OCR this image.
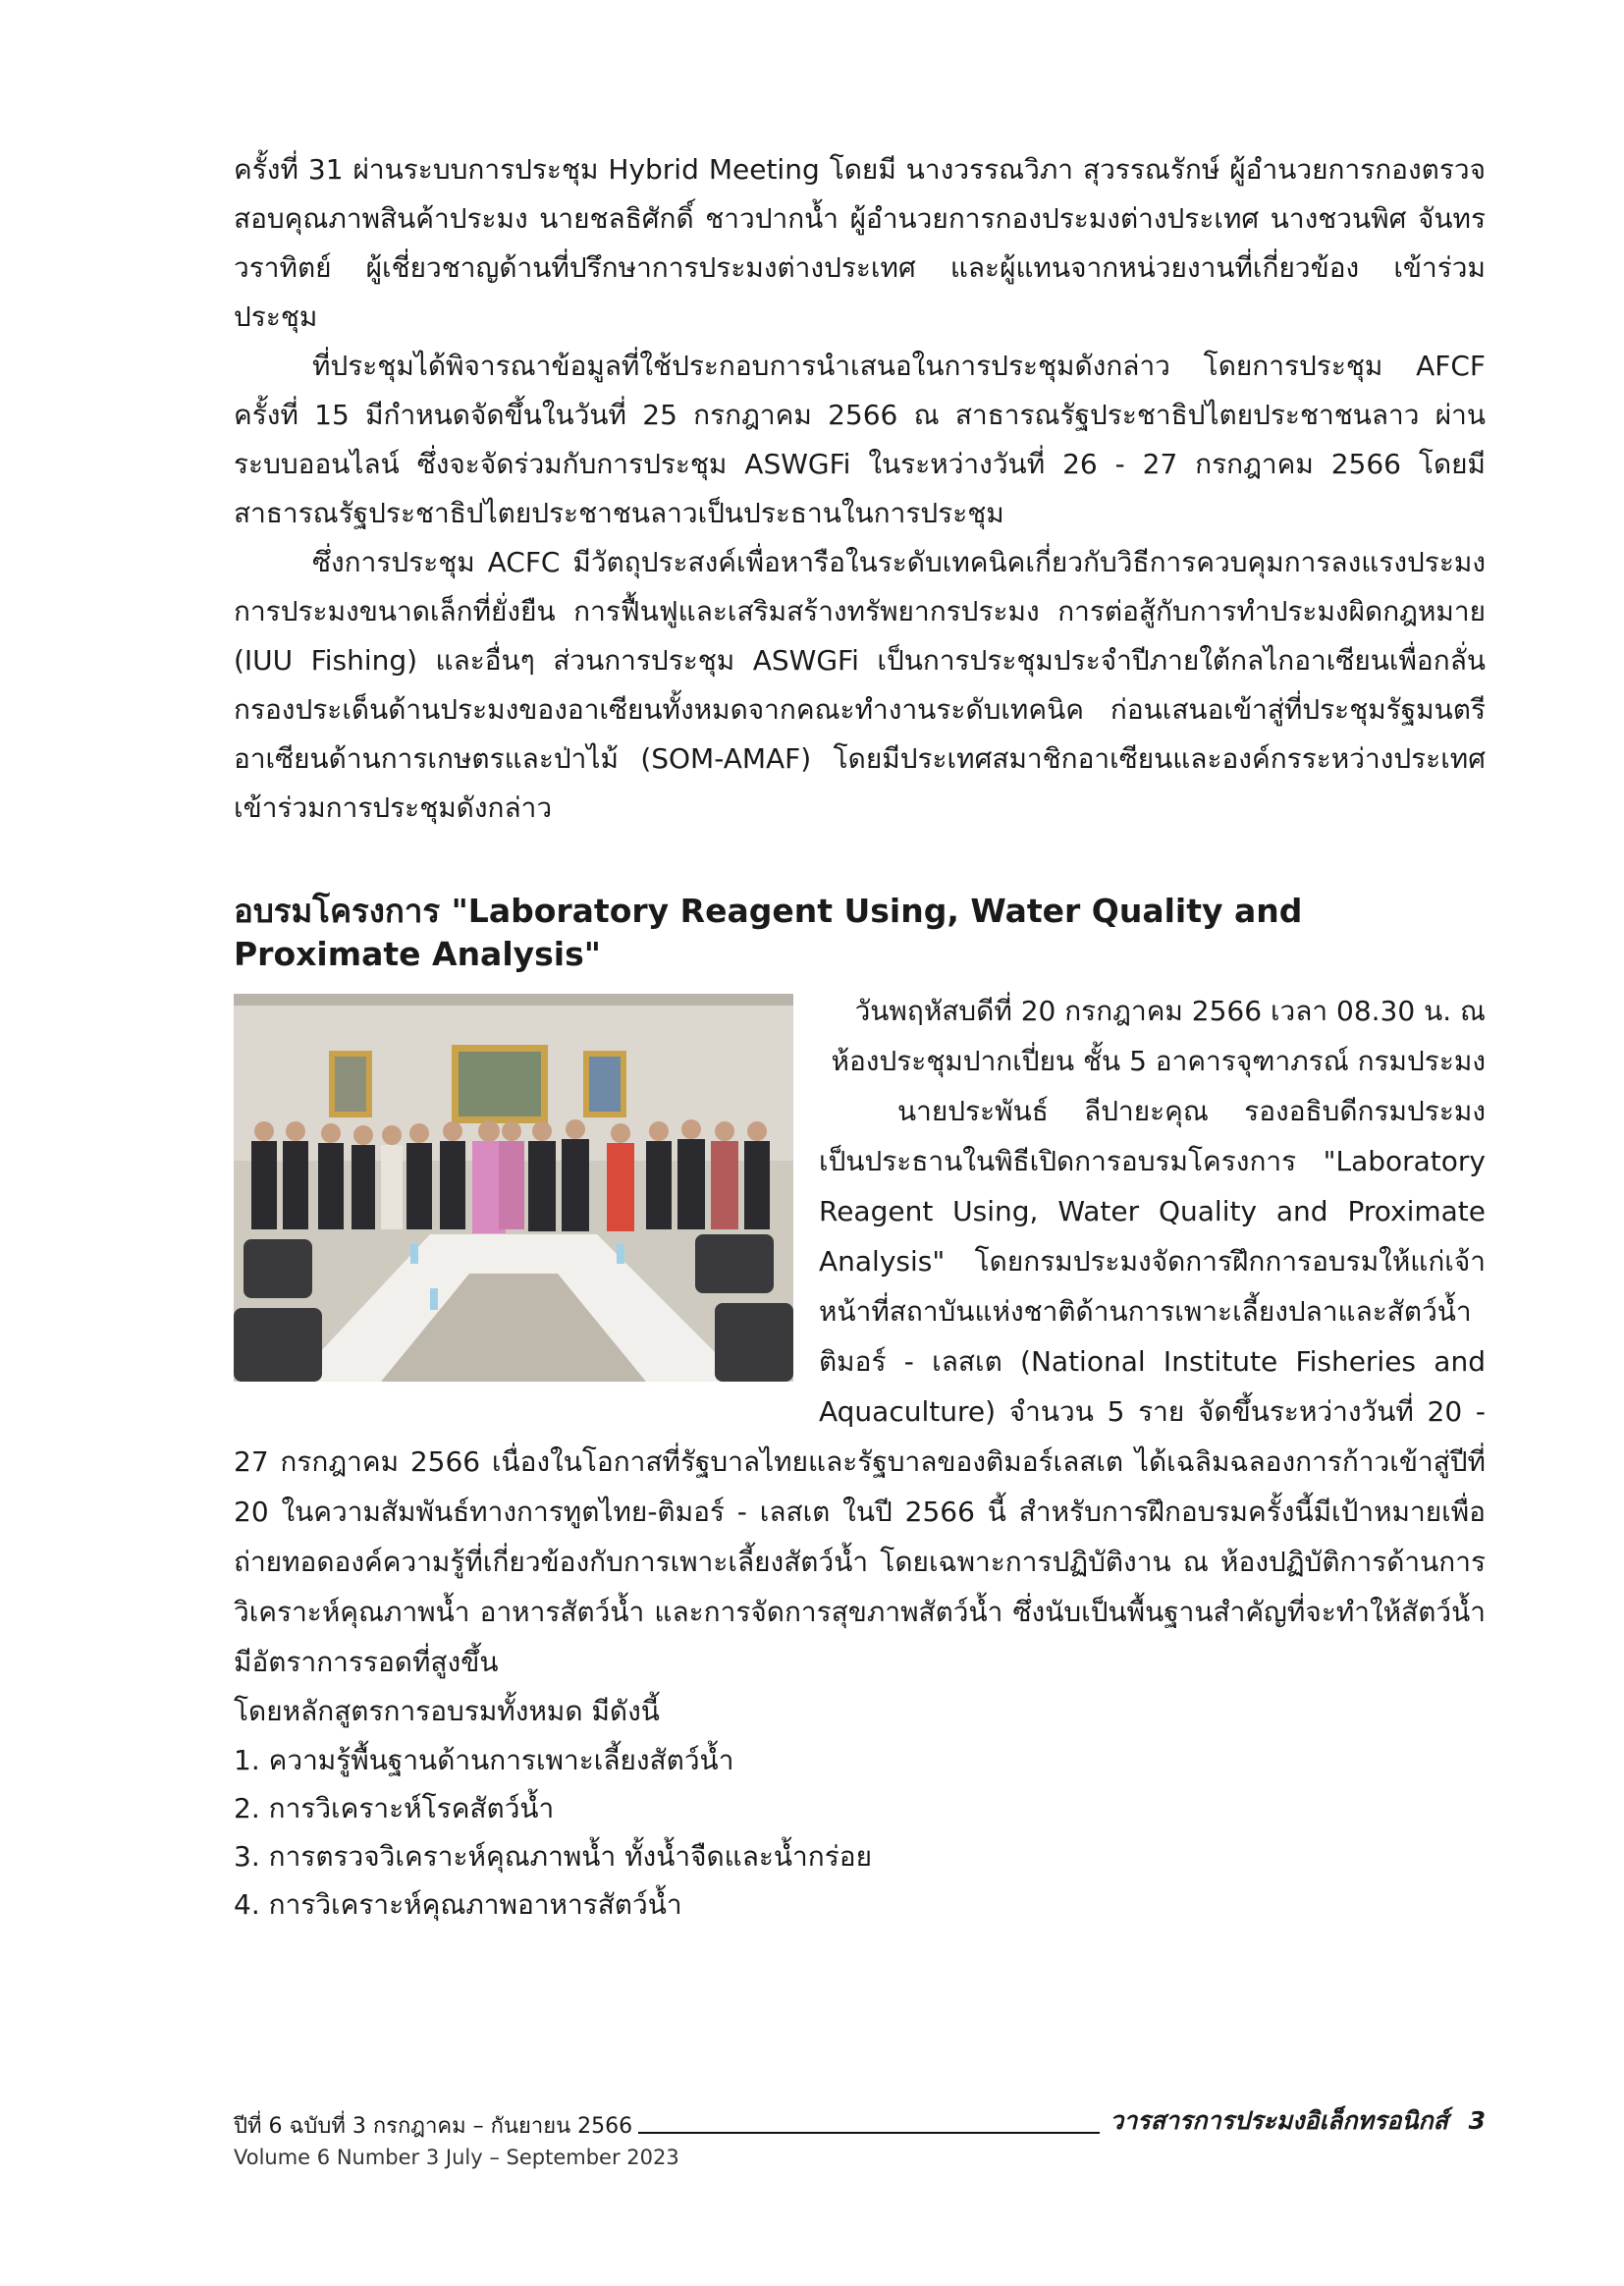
ครั้งที่ 31 ผ่านระบบการประชุม Hybrid Meeting โดยมี นางวรรณวิภา สุวรรณรักษ์ ผู้อำนวยการกองตรวจสอบคุณภาพสินค้าประมง นายชลธิศักดิ์ ชาวปากน้ำ ผู้อำนวยการกองประมงต่างประเทศ นางชวนพิศ จันทรวราทิตย์ ผู้เชี่ยวชาญด้านที่ปรึกษาการประมงต่างประเทศ และผู้แทนจากหน่วยงานที่เกี่ยวข้อง เข้าร่วมประชุม

ที่ประชุมได้พิจารณาข้อมูลที่ใช้ประกอบการนำเสนอในการประชุมดังกล่าว โดยการประชุม AFCF ครั้งที่ 15 มีกำหนดจัดขึ้นในวันที่ 25 กรกฎาคม 2566 ณ สาธารณรัฐประชาธิปไตยประชาชนลาว ผ่านระบบออนไลน์ ซึ่งจะจัดร่วมกับการประชุม ASWGFi ในระหว่างวันที่ 26 - 27 กรกฎาคม 2566 โดยมีสาธารณรัฐประชาธิปไตยประชาชนลาวเป็นประธานในการประชุม

ซึ่งการประชุม ACFC มีวัตถุประสงค์เพื่อหารือในระดับเทคนิคเกี่ยวกับวิธีการควบคุมการลงแรงประมงการประมงขนาดเล็กที่ยั่งยืน การฟื้นฟูและเสริมสร้างทรัพยากรประมง การต่อสู้กับการทำประมงผิดกฎหมาย (IUU Fishing) และอื่นๆ ส่วนการประชุม ASWGFi เป็นการประชุมประจำปีภายใต้กลไกอาเซียนเพื่อกลั่นกรองประเด็นด้านประมงของอาเซียนทั้งหมดจากคณะทำงานระดับเทคนิค ก่อนเสนอเข้าสู่ที่ประชุมรัฐมนตรีอาเซียนด้านการเกษตรและป่าไม้ (SOM-AMAF) โดยมีประเทศสมาชิกอาเซียนและองค์กรระหว่างประเทศเข้าร่วมการประชุมดังกล่าว

อบรมโครงการ "Laboratory Reagent Using, Water Quality and Proximate Analysis"

วันพฤหัสบดีที่ 20 กรกฎาคม 2566 เวลา 08.30 น. ณ ห้องประชุมปากเปี่ยน ชั้น 5 อาคารจุฑาภรณ์ กรมประมง

นายประพันธ์ ลีปายะคุณ รองอธิบดีกรมประมง เป็นประธานในพิธีเปิดการอบรมโครงการ "Laboratory Reagent Using, Water Quality and Proximate Analysis" โดยกรมประมงจัดการฝึกการอบรมให้แก่เจ้าหน้าที่สถาบันแห่งชาติด้านการเพาะเลี้ยงปลาและสัตว์น้ำติมอร์ - เลสเต (National Institute Fisheries and Aquaculture) จำนวน 5 ราย จัดขึ้นระหว่างวันที่ 20 - 27 กรกฎาคม 2566 เนื่องในโอกาสที่รัฐบาลไทยและรัฐบาลของติมอร์เลสเต ได้เฉลิมฉลองการก้าวเข้าสู่ปีที่ 20 ในความสัมพันธ์ทางการทูตไทย-ติมอร์ - เลสเต ในปี 2566 นี้ สำหรับการฝึกอบรมครั้งนี้มีเป้าหมายเพื่อถ่ายทอดองค์ความรู้ที่เกี่ยวข้องกับการเพาะเลี้ยงสัตว์น้ำ โดยเฉพาะการปฏิบัติงาน ณ ห้องปฏิบัติการด้านการวิเคราะห์คุณภาพน้ำ อาหารสัตว์น้ำ และการจัดการสุขภาพสัตว์น้ำ ซึ่งนับเป็นพื้นฐานสำคัญที่จะทำให้สัตว์น้ำมีอัตราการรอดที่สูงขึ้น

โดยหลักสูตรการอบรมทั้งหมด มีดังนี้

1. ความรู้พื้นฐานด้านการเพาะเลี้ยงสัตว์น้ำ
2. การวิเคราะห์โรคสัตว์น้ำ
3. การตรวจวิเคราะห์คุณภาพน้ำ ทั้งน้ำจืดและน้ำกร่อย
4. การวิเคราะห์คุณภาพอาหารสัตว์น้ำ
ปีที่ 6 ฉบับที่ 3 กรกฎาคม – กันยายน 2566	วารสารการประมงอิเล็กทรอนิกส์ 3
Volume 6 Number 3 July – September 2023
